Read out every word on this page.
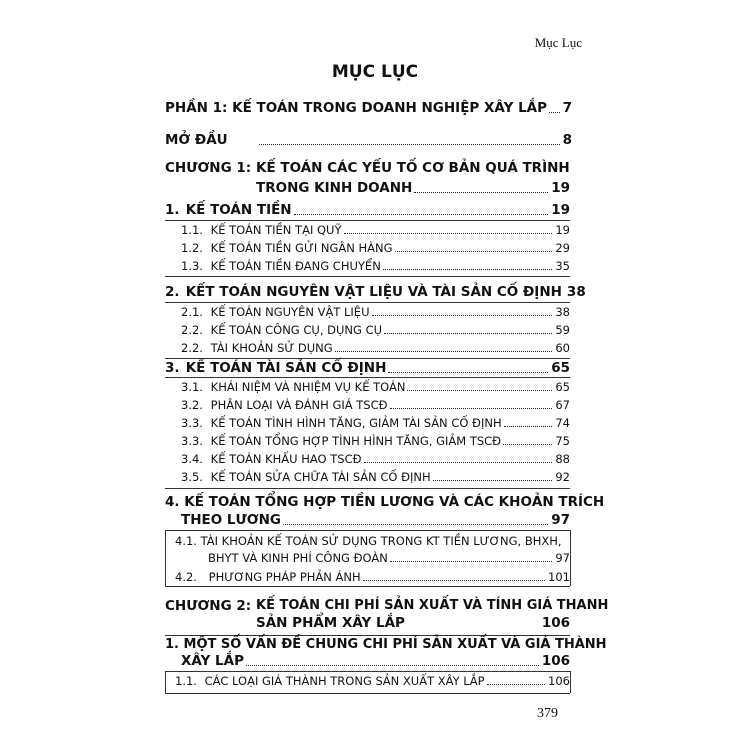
Mục Lục
MỤC LỤC
PHẦN 1: KẾ TOÁN TRONG DOANH NGHIỆP XÂY LẮP 7
MỞ ĐẦU	8
CHƯƠNG 1: KẾ TOÁN CÁC YẾU TỐ CƠ BẢN QUÁ TRÌNH
TRONG KINH DOANH	19
1. KẾ TOÁN TIỀN	19
1.1. KẾ TOÁN TIỀN TẠI QUỸ	19
1.2. KẾ TOÁN TIỀN GỬI NGÂN HÀNG	29
1.3. KẾ TOÁN TIỀN ĐANG CHUYỂN	35
2. KẾT TOÁN NGUYÊN VẬT LIỆU VÀ TÀI SẢN CỐ ĐỊNH 38
2.1. KẾ TOÁN NGUYÊN VẬT LIỆU	38
2.2. KẾ TOÁN CÔNG CỤ, DỤNG CỤ	59
2.2. TÀI KHOẢN SỬ DỤNG	60
3. KẾ TOÁN TÀI SẢN CỐ ĐỊNH	65
3.1. KHÁI NIỆM VÀ NHIỆM VỤ KẾ TOÁN	65
3.2. PHÂN LOẠI VÀ ĐÁNH GIÁ TSCĐ	67
3.3. KẾ TOÁN TÌNH HÌNH TĂNG, GIẢM TÀI SẢN CỐ ĐỊNH	74
3.3. KẾ TOÁN TỔNG HỢP TÌNH HÌNH TĂNG, GIẢM TSCĐ	75
3.4. KẾ TOÁN KHẤU HAO TSCĐ	88
3.5. KẾ TOÁN SỬA CHỮA TÀI SẢN CỐ ĐỊNH	92
4. KẾ TOÁN TỔNG HỢP TIỀN LƯƠNG VÀ CÁC KHOẢN TRÍCH
THEO LƯƠNG	97
4.1. TÀI KHOẢN KẾ TOÁN SỬ DỤNG TRONG KT TIỀN LƯƠNG, BHXH,
BHYT VÀ KINH PHÍ CÔNG ĐOÀN	97
4.2. PHƯƠNG PHÁP PHẢN ÁNH	101
CHƯƠNG 2: KẾ TOÁN CHI PHÍ SẢN XUẤT VÀ TÍNH GIÁ THANH
SẢN PHẨM XÂY LẮP	106
1. MỘT SỐ VẤN ĐỀ CHUNG CHI PHÍ SẢN XUẤT VÀ GIÁ THÀNH
XÂY LẮP	106
1.1. CÁC LOẠI GIÁ THÀNH TRONG SẢN XUẤT XÂY LẮP	106
379
